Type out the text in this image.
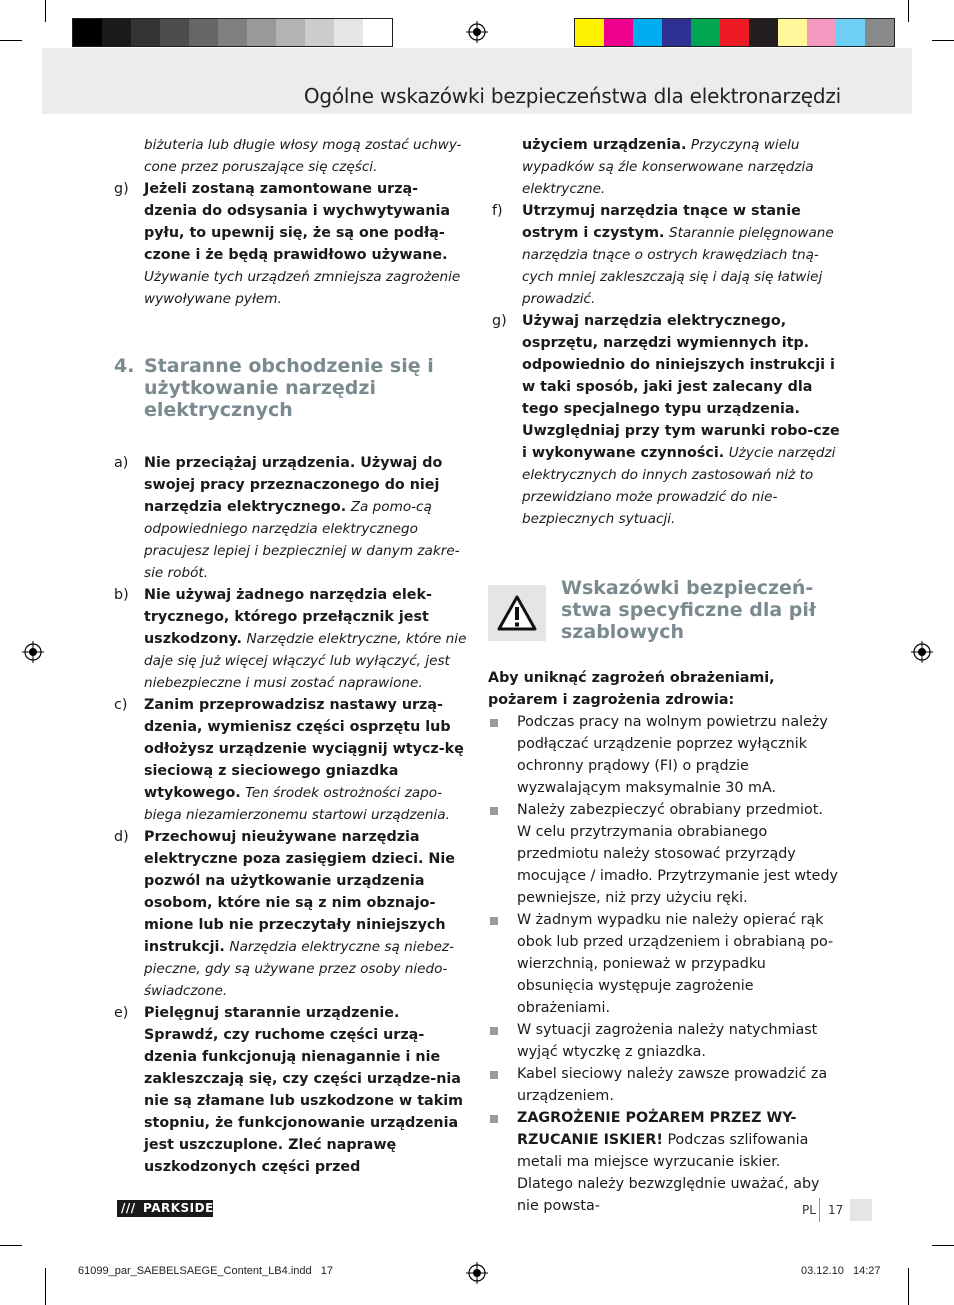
Ogólne wskazówki bezpieczeństwa dla elektronarzędzi
biżuteria lub długie włosy mogą zostać uchwy-cone przez poruszające się części.
g) Jeżeli zostaną zamontowane urzą-dzenia do odsysania i wychwytywania pyłu, to upewnij się, że są one podłą-czone i że będą prawidłowo używane. Używanie tych urządzeń zmniejsza zagrożenie wywoływane pyłem.
4. Staranne obchodzenie się i użytkowanie narzędzi elektrycznych
a) Nie przeciążaj urządzenia. Używaj do swojej pracy przeznaczonego do niej narzędzia elektrycznego. Za pomo-cą odpowiedniego narzędzia elektrycznego pracujesz lepiej i bezpieczniej w danym zakre-sie robót.
b) Nie używaj żadnego narzędzia elek-trycznego, którego przełącznik jest uszkodzony. Narzędzie elektryczne, które nie daje się już więcej włączyć lub wyłączyć, jest niebezpieczne i musi zostać naprawione.
c) Zanim przeprowadzisz nastawy urzą-dzenia, wymienisz części osprzętu lub odłożysz urządzenie wyciągnij wtycz-kę sieciową z sieciowego gniazdka wtykowego. Ten środek ostrożności zapo-biega niezamierzonemu startowi urządzenia.
d) Przechowuj nieużywane narzędzia elektryczne poza zasięgiem dzieci. Nie pozwól na użytkowanie urządzenia osobom, które nie są z nim obznajo-mione lub nie przeczytały niniejszych instrukcji. Narzędzia elektryczne są niebez-pieczne, gdy są używane przez osoby niedo-świadczone.
e) Pielęgnuj starannie urządzenie. Sprawdź, czy ruchome części urzą-dzenia funkcjonują nienagannie i nie zakleszczają się, czy części urządze-nia nie są złamane lub uszkodzone w takim stopniu, że funkcjonowanie urządzenia jest uszczuplone. Zleć naprawę uszkodzonych części przed
użyciem urządzenia. Przyczyną wielu wypadków są źle konserwowane narzędzia elektryczne.
f) Utrzymuj narzędzia tnące w stanie ostrym i czystym. Starannie pielęgnowane narzędzia tnące o ostrych krawędziach tną-cych mniej zakleszczają się i dają się łatwiej prowadzić.
g) Używaj narzędzia elektrycznego, osprzętu, narzędzi wymiennych itp. odpowiednio do niniejszych instrukcji i w taki sposób, jaki jest zalecany dla tego specjalnego typu urządzenia. Uwzględniaj przy tym warunki robo-cze i wykonywane czynności. Użycie narzędzi elektrycznych do innych zastosowań niż to przewidziano może prowadzić do nie-bezpiecznych sytuacji.
Wskazówki bezpieczeń-stwa specyficzne dla pił szablowych

Aby uniknąć zagrożeń obrażeniami, pożarem i zagrożenia zdrowia:

Podczas pracy na wolnym powietrzu należy podłączać urządzenie poprzez wyłącznik ochronny prądowy (FI) o prądzie wyzwalającym maksymalnie 30 mA.
Należy zabezpieczyć obrabiany przedmiot. W celu przytrzymania obrabianego przedmiotu należy stosować przyrządy mocujące / imadło. Przytrzymanie jest wtedy pewniejsze, niż przy użyciu ręki.
W żadnym wypadku nie należy opierać rąk obok lub przed urządzeniem i obrabianą po-wierzchnią, ponieważ w przypadku obsunięcia występuje zagrożenie obrażeniami.
W sytuacji zagrożenia należy natychmiast wyjąć wtyczkę z gniazdka.
Kabel sieciowy należy zawsze prowadzić za urządzeniem.
ZAGROŻENIE POŻAREM PRZEZ WY-RZUCANIE ISKIER! Podczas szlifowania metali ma miejsce wyrzucanie iskier. Dlatego należy bezwzględnie uważać, aby nie powsta-
/// PARKSIDE	PL 17
61099_par_SAEBELSAEGE_Content_LB4.indd   17	03.12.10   14:27
